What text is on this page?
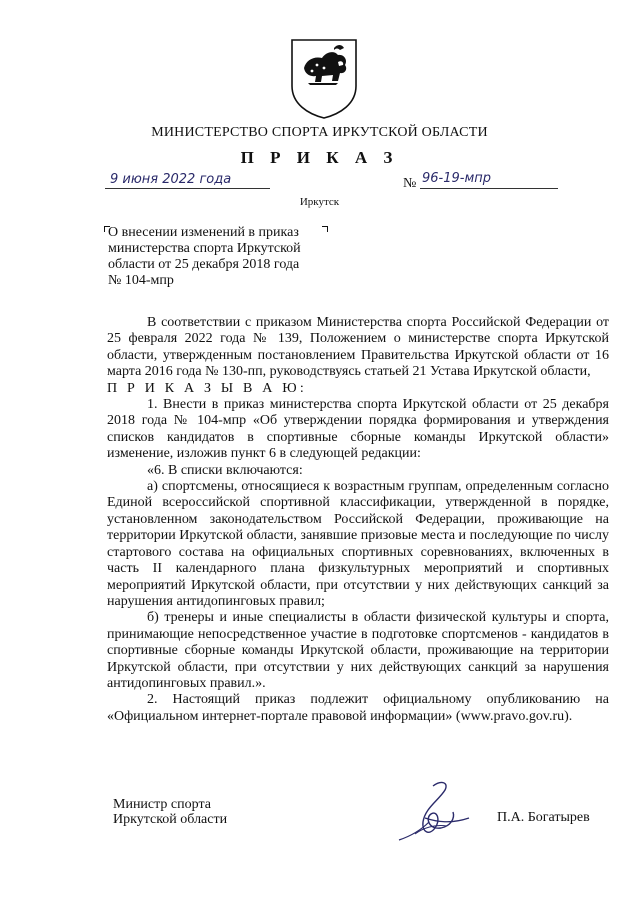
МИНИСТЕРСТВО СПОРТА ИРКУТСКОЙ ОБЛАСТИ
П Р И К А З
9 июня 2022 года	№ 96-19-мпр
Иркутск
О внесении изменений в приказ
министерства спорта Иркутской
области от 25 декабря 2018 года
№ 104-мпр

В соответствии с приказом Министерства спорта Российской Федерации от 25 февраля 2022 года № 139, Положением о министерстве спорта Иркутской области, утвержденным постановлением Правительства Иркутской области от 16 марта 2016 года № 130-пп, руководствуясь статьей 21 Устава Иркутской области,

П Р И К А З Ы В А Ю:

1. Внести в приказ министерства спорта Иркутской области от 25 декабря 2018 года № 104-мпр «Об утверждении порядка формирования и утверждения списков кандидатов в спортивные сборные команды Иркутской области» изменение, изложив пункт 6 в следующей редакции:

«6. В списки включаются:

а) спортсмены, относящиеся к возрастным группам, определенным согласно Единой всероссийской спортивной классификации, утвержденной в порядке, установленном законодательством Российской Федерации, проживающие на территории Иркутской области, занявшие призовые места и последующие по числу стартового состава на официальных спортивных соревнованиях, включенных в часть II календарного плана физкультурных мероприятий и спортивных мероприятий Иркутской области, при отсутствии у них действующих санкций за нарушения антидопинговых правил;

б) тренеры и иные специалисты в области физической культуры и спорта, принимающие непосредственное участие в подготовке спортсменов - кандидатов в спортивные сборные команды Иркутской области, проживающие на территории Иркутской области, при отсутствии у них действующих санкций за нарушения антидопинговых правил.».

2. Настоящий приказ подлежит официальному опубликованию на «Официальном интернет-портале правовой информации» (www.pravo.gov.ru).

Министр спорта
Иркутской области	П.А. Богатырев
